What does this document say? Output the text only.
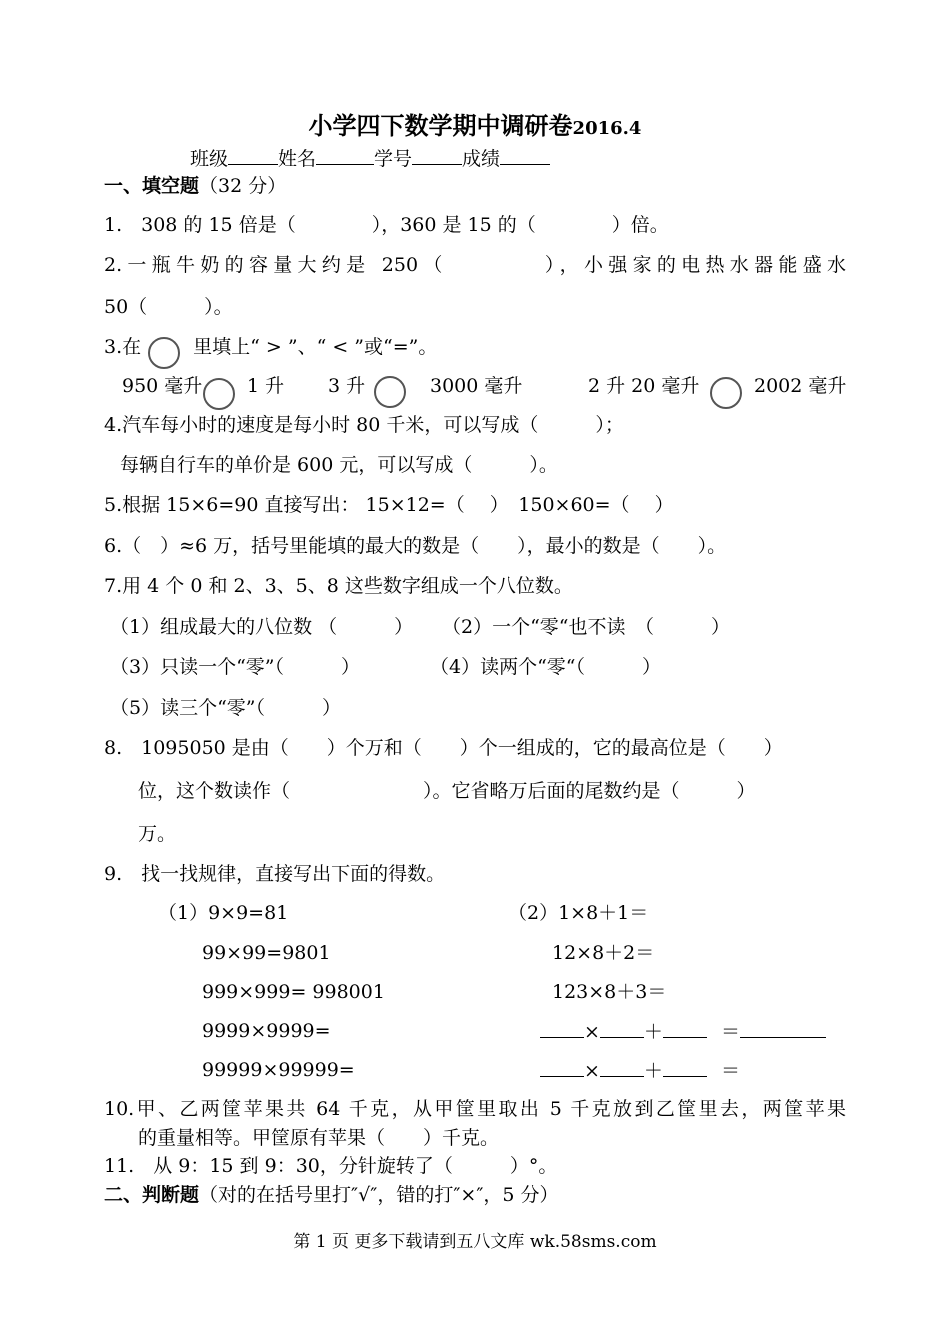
小学四下数学期中调研卷2016.4
班级	姓名	学号	成绩
一、填空题（32 分）
1.　308 的 15 倍是（　　　　），360 是 15 的（　　　　）倍。
2.一瓶牛奶的容量大约是 250（　　　　），小强家的电热水器能盛水
50（　　　）。
3.在	里填上“ > ”、“ < ”或“=”。
950 毫升 1 升 3 升	3000 毫升	2 升 20 毫升	2002 毫升
4.汽车每小时的速度是每小时 80 千米，可以写成（　　　）；
每辆自行车的单价是 600 元，可以写成（　　　）。
5.根据 15×6=90 直接写出： 15×12=（　 ）　150×60=（　 ）
6.（　）≈6 万，括号里能填的最大的数是（　　），最小的数是（　　）。
7.用 4 个 0 和 2、3、5、8 这些数字组成一个八位数。
（1）组成最大的八位数 （　　　） （2）一个“零“也不读　（　　　）
（3）只读一个“零”（　　　）	（4）读两个“零“（　　　）
（5）读三个“零”（　　　）
8.　1095050 是由（　　）个万和（　　）个一组成的，它的最高位是（　　）
位，这个数读作（　　　　　　　）。它省略万后面的尾数约是（　　　）
万。
9.　找一找规律，直接写出下面的得数。
（1）9×9=81
99×99=9801
999×999= 998001
9999×9999=
99999×99999=
（2）1×8＋1＝
12×8＋2＝
123×8＋3＝
× ＋	＝
× ＋	＝
10.甲、乙两筐苹果共 64 千克，从甲筐里取出 5 千克放到乙筐里去，两筐苹果
的重量相等。甲筐原有苹果（　　）千克。
11.　从 9：15 到 9：30，分针旋转了（　　　）°。
二、判断题（对的在括号里打″√″，错的打″×″，5 分）
第 1 页 更多下载请到五八文库 wk.58sms.com
